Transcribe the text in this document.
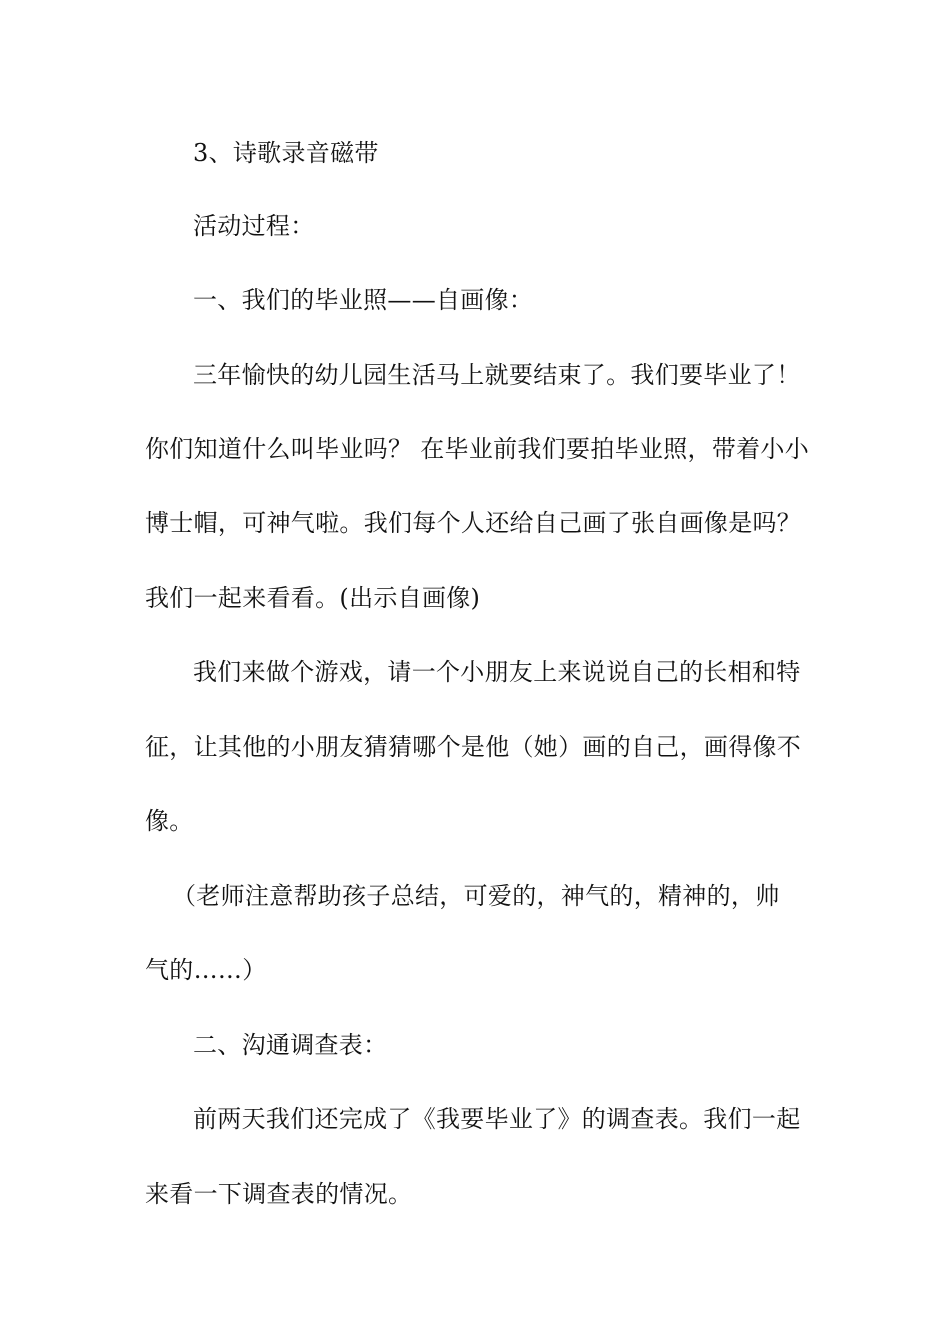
3、诗歌录音磁带
活动过程：
一、我们的毕业照——自画像：
三年愉快的幼儿园生活马上就要结束了。我们要毕业了！
你们知道什么叫毕业吗？ 在毕业前我们要拍毕业照，带着小小
博士帽，可神气啦。我们每个人还给自己画了张自画像是吗？
我们一起来看看。(出示自画像)
我们来做个游戏，请一个小朋友上来说说自己的长相和特
征，让其他的小朋友猜猜哪个是他（她）画的自己，画得像不
像。
（老师注意帮助孩子总结，可爱的，神气的，精神的，帅
气的……）
二、沟通调查表：
前两天我们还完成了《我要毕业了》的调查表。我们一起
来看一下调查表的情况。
